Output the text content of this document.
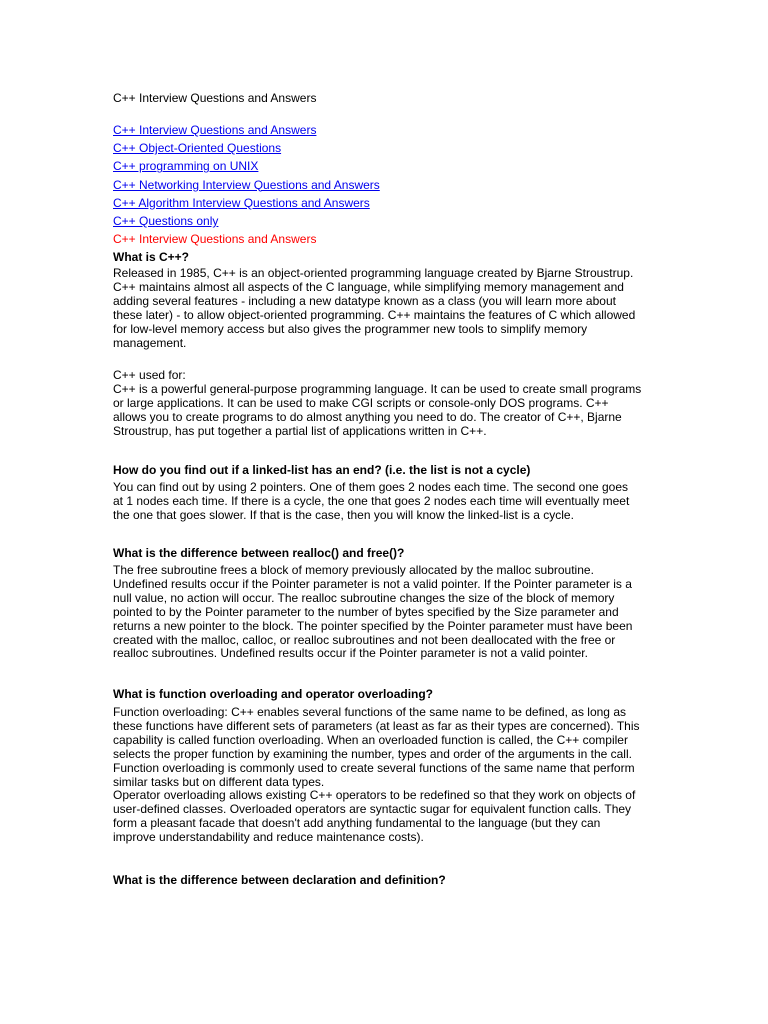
C++ Interview Questions and Answers

C++ Interview Questions and Answers
C++ Object-Oriented Questions
C++ programming on UNIX
C++ Networking Interview Questions and Answers
C++ Algorithm Interview Questions and Answers
C++ Questions only
C++ Interview Questions and Answers

What is C++?

Released in 1985, C++ is an object-oriented programming language created by Bjarne Stroustrup.
C++ maintains almost all aspects of the C language, while simplifying memory management and
adding several features - including a new datatype known as a class (you will learn more about
these later) - to allow object-oriented programming. C++ maintains the features of C which allowed
for low-level memory access but also gives the programmer new tools to simplify memory
management.
C++ used for:
C++ is a powerful general-purpose programming language. It can be used to create small programs
or large applications. It can be used to make CGI scripts or console-only DOS programs. C++
allows you to create programs to do almost anything you need to do. The creator of C++, Bjarne
Stroustrup, has put together a partial list of applications written in C++.

How do you find out if a linked-list has an end? (i.e. the list is not a cycle)

You can find out by using 2 pointers. One of them goes 2 nodes each time. The second one goes
at 1 nodes each time. If there is a cycle, the one that goes 2 nodes each time will eventually meet
the one that goes slower. If that is the case, then you will know the linked-list is a cycle.

What is the difference between realloc() and free()?

The free subroutine frees a block of memory previously allocated by the malloc subroutine.
Undefined results occur if the Pointer parameter is not a valid pointer. If the Pointer parameter is a
null value, no action will occur. The realloc subroutine changes the size of the block of memory
pointed to by the Pointer parameter to the number of bytes specified by the Size parameter and
returns a new pointer to the block. The pointer specified by the Pointer parameter must have been
created with the malloc, calloc, or realloc subroutines and not been deallocated with the free or
realloc subroutines. Undefined results occur if the Pointer parameter is not a valid pointer.

What is function overloading and operator overloading?

Function overloading: C++ enables several functions of the same name to be defined, as long as
these functions have different sets of parameters (at least as far as their types are concerned). This
capability is called function overloading. When an overloaded function is called, the C++ compiler
selects the proper function by examining the number, types and order of the arguments in the call.
Function overloading is commonly used to create several functions of the same name that perform
similar tasks but on different data types.
Operator overloading allows existing C++ operators to be redefined so that they work on objects of
user-defined classes. Overloaded operators are syntactic sugar for equivalent function calls. They
form a pleasant facade that doesn't add anything fundamental to the language (but they can
improve understandability and reduce maintenance costs).

What is the difference between declaration and definition?
